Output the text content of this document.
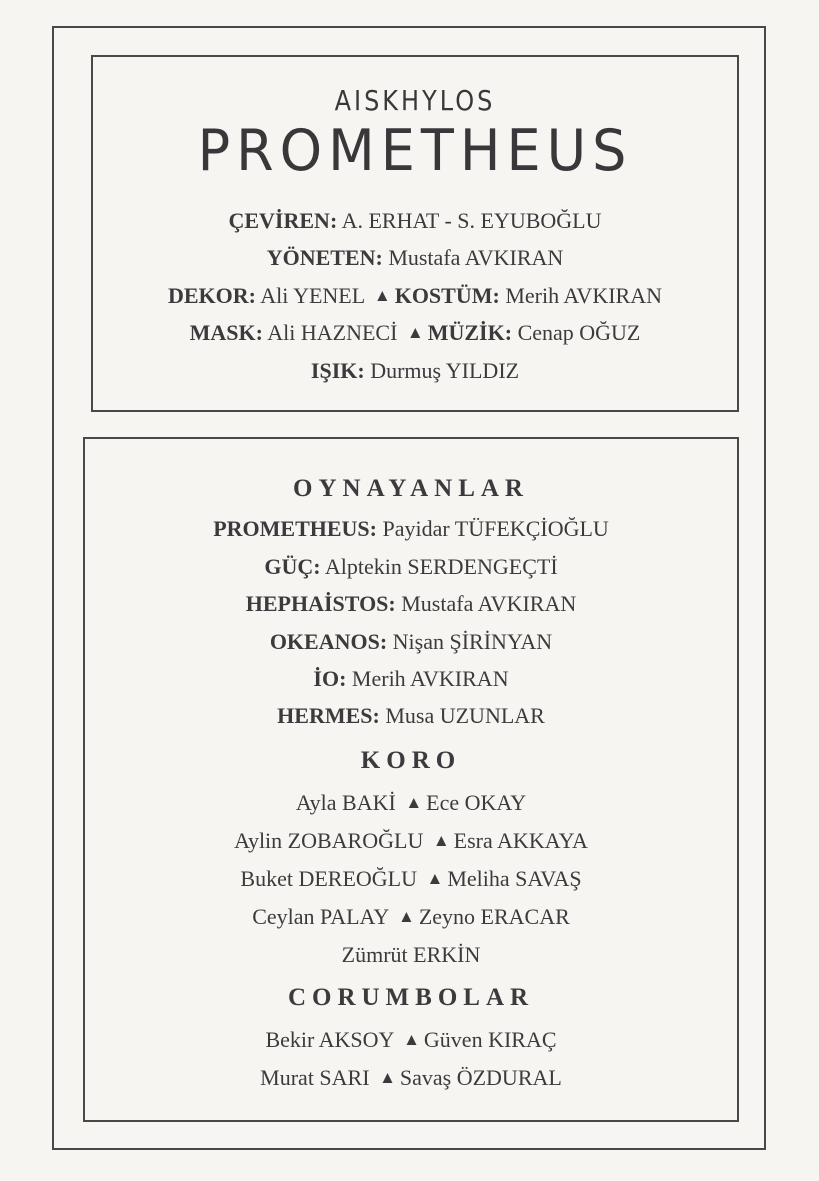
AISKHYLOS
PROMETHEUS
ÇEVİREN: A. ERHAT - S. EYUBOĞLU
YÖNETEN: Mustafa AVKIRAN
DEKOR: Ali YENEL ▲ KOSTÜM: Merih AVKIRAN
MASK: Ali HAZNECİ ▲ MÜZİK: Cenap OĞUZ
IŞIK: Durmuş YILDIZ
OYNAYANLAR
PROMETHEUS: Payidar TÜFEKÇİOĞLU
GÜÇ: Alptekin SERDENGEÇTİ
HEPHAİSTOS: Mustafa AVKIRAN
OKEANOS: Nişan ŞİRİNYAN
İO: Merih AVKIRAN
HERMES: Musa UZUNLAR
KORO
Ayla BAKİ ▲ Ece OKAY
Aylin ZOBAROĞLU ▲ Esra AKKAYA
Buket DEREOĞLU ▲ Meliha SAVAŞ
Ceylan PALAY ▲ Zeyno ERACAR
Zümrüt ERKİN
CORUMBOLAR
Bekir AKSOY ▲ Güven KIRAÇ
Murat SARI ▲ Savaş ÖZDURAL
